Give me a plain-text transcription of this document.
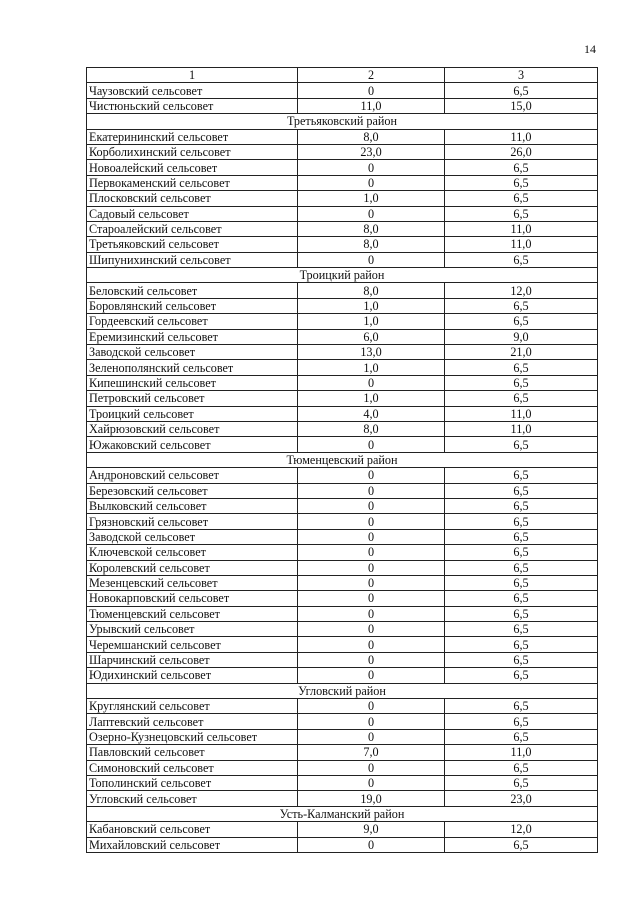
14
1	2	3
Чаузовский сельсовет	0	6,5
Чистюньский сельсовет	11,0	15,0
Третьяковский район		
Екатерининский сельсовет	8,0	11,0
Корболихинский сельсовет	23,0	26,0
Новоалейский сельсовет	0	6,5
Первокаменский сельсовет	0	6,5
Плосковский сельсовет	1,0	6,5
Садовый сельсовет	0	6,5
Староалейский сельсовет	8,0	11,0
Третьяковский сельсовет	8,0	11,0
Шипунихинский сельсовет	0	6,5
Троицкий район		
Беловский сельсовет	8,0	12,0
Боровлянский сельсовет	1,0	6,5
Гордеевский сельсовет	1,0	6,5
Еремизинский сельсовет	6,0	9,0
Заводской сельсовет	13,0	21,0
Зеленополянский сельсовет	1,0	6,5
Кипешинский сельсовет	0	6,5
Петровский сельсовет	1,0	6,5
Троицкий сельсовет	4,0	11,0
Хайрюзовский сельсовет	8,0	11,0
Южаковский сельсовет	0	6,5
Тюменцевский район		
Андроновский сельсовет	0	6,5
Березовский сельсовет	0	6,5
Вылковский сельсовет	0	6,5
Грязновский сельсовет	0	6,5
Заводской сельсовет	0	6,5
Ключевской сельсовет	0	6,5
Королевский сельсовет	0	6,5
Мезенцевский сельсовет	0	6,5
Новокарповский сельсовет	0	6,5
Тюменцевский сельсовет	0	6,5
Урывский сельсовет	0	6,5
Черемшанский сельсовет	0	6,5
Шарчинский сельсовет	0	6,5
Юдихинский сельсовет	0	6,5
Угловский район		
Круглянский сельсовет	0	6,5
Лаптевский сельсовет	0	6,5
Озерно-Кузнецовский сельсовет	0	6,5
Павловский сельсовет	7,0	11,0
Симоновский сельсовет	0	6,5
Тополинский сельсовет	0	6,5
Угловский сельсовет	19,0	23,0
Усть-Калманский район		
Кабановский сельсовет	9,0	12,0
Михайловский сельсовет	0	6,5
